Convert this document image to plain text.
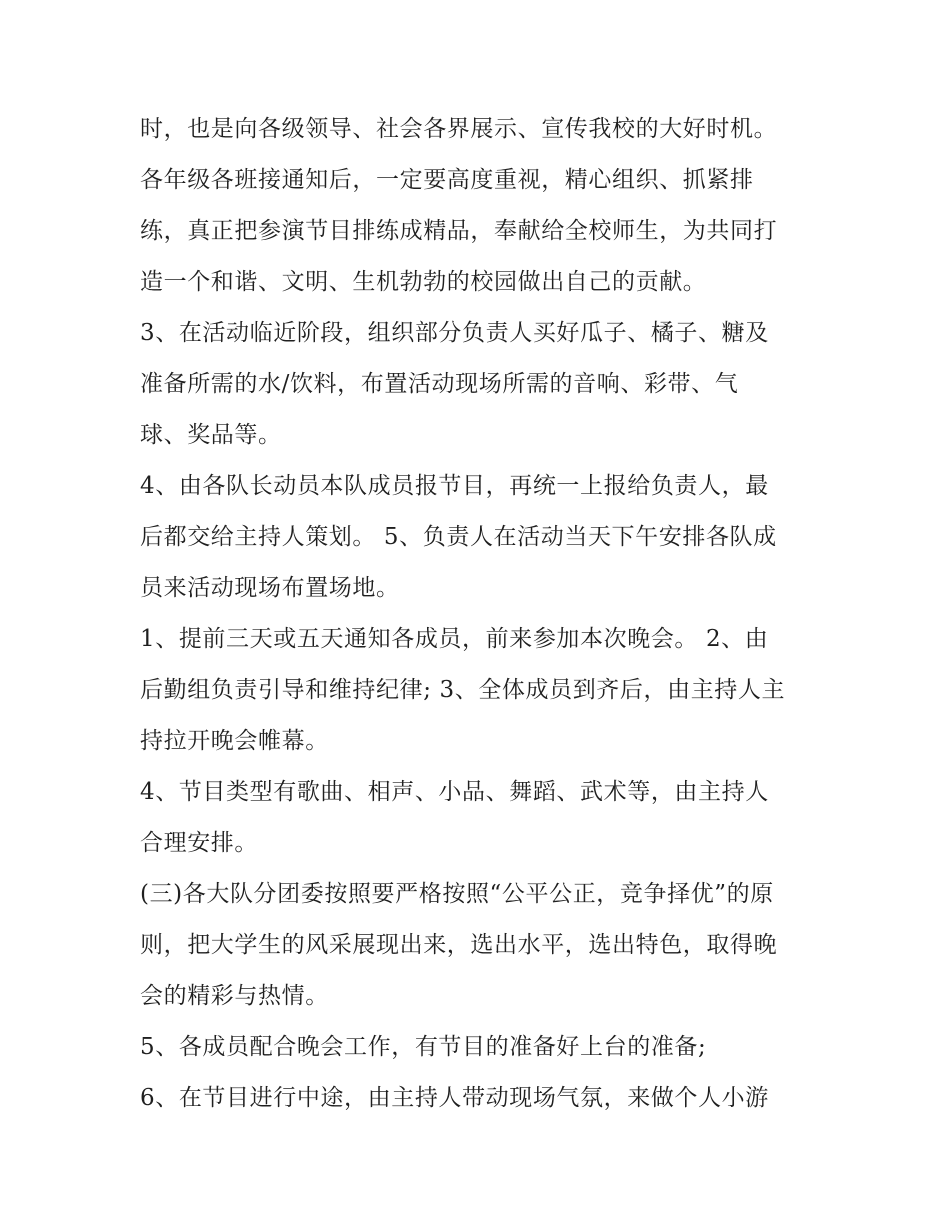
时，也是向各级领导、社会各界展示、宣传我校的大好时机。
各年级各班接通知后，一定要高度重视，精心组织、抓紧排
练，真正把参演节目排练成精品，奉献给全校师生，为共同打
造一个和谐、文明、生机勃勃的校园做出自己的贡献。
3、在活动临近阶段，组织部分负责人买好瓜子、橘子、糖及
准备所需的水/饮料，布置活动现场所需的音响、彩带、气
球、奖品等。
4、由各队长动员本队成员报节目，再统一上报给负责人，最
后都交给主持人策划。 5、负责人在活动当天下午安排各队成
员来活动现场布置场地。
1、提前三天或五天通知各成员，前来参加本次晚会。 2、由
后勤组负责引导和维持纪律; 3、全体成员到齐后，由主持人主
持拉开晚会帷幕。
4、节目类型有歌曲、相声、小品、舞蹈、武术等，由主持人
合理安排。
(三)各大队分团委按照要严格按照“公平公正，竞争择优”的原
则，把大学生的风采展现出来，选出水平，选出特色，取得晚
会的精彩与热情。
5、各成员配合晚会工作，有节目的准备好上台的准备;
6、在节目进行中途，由主持人带动现场气氛，来做个人小游
